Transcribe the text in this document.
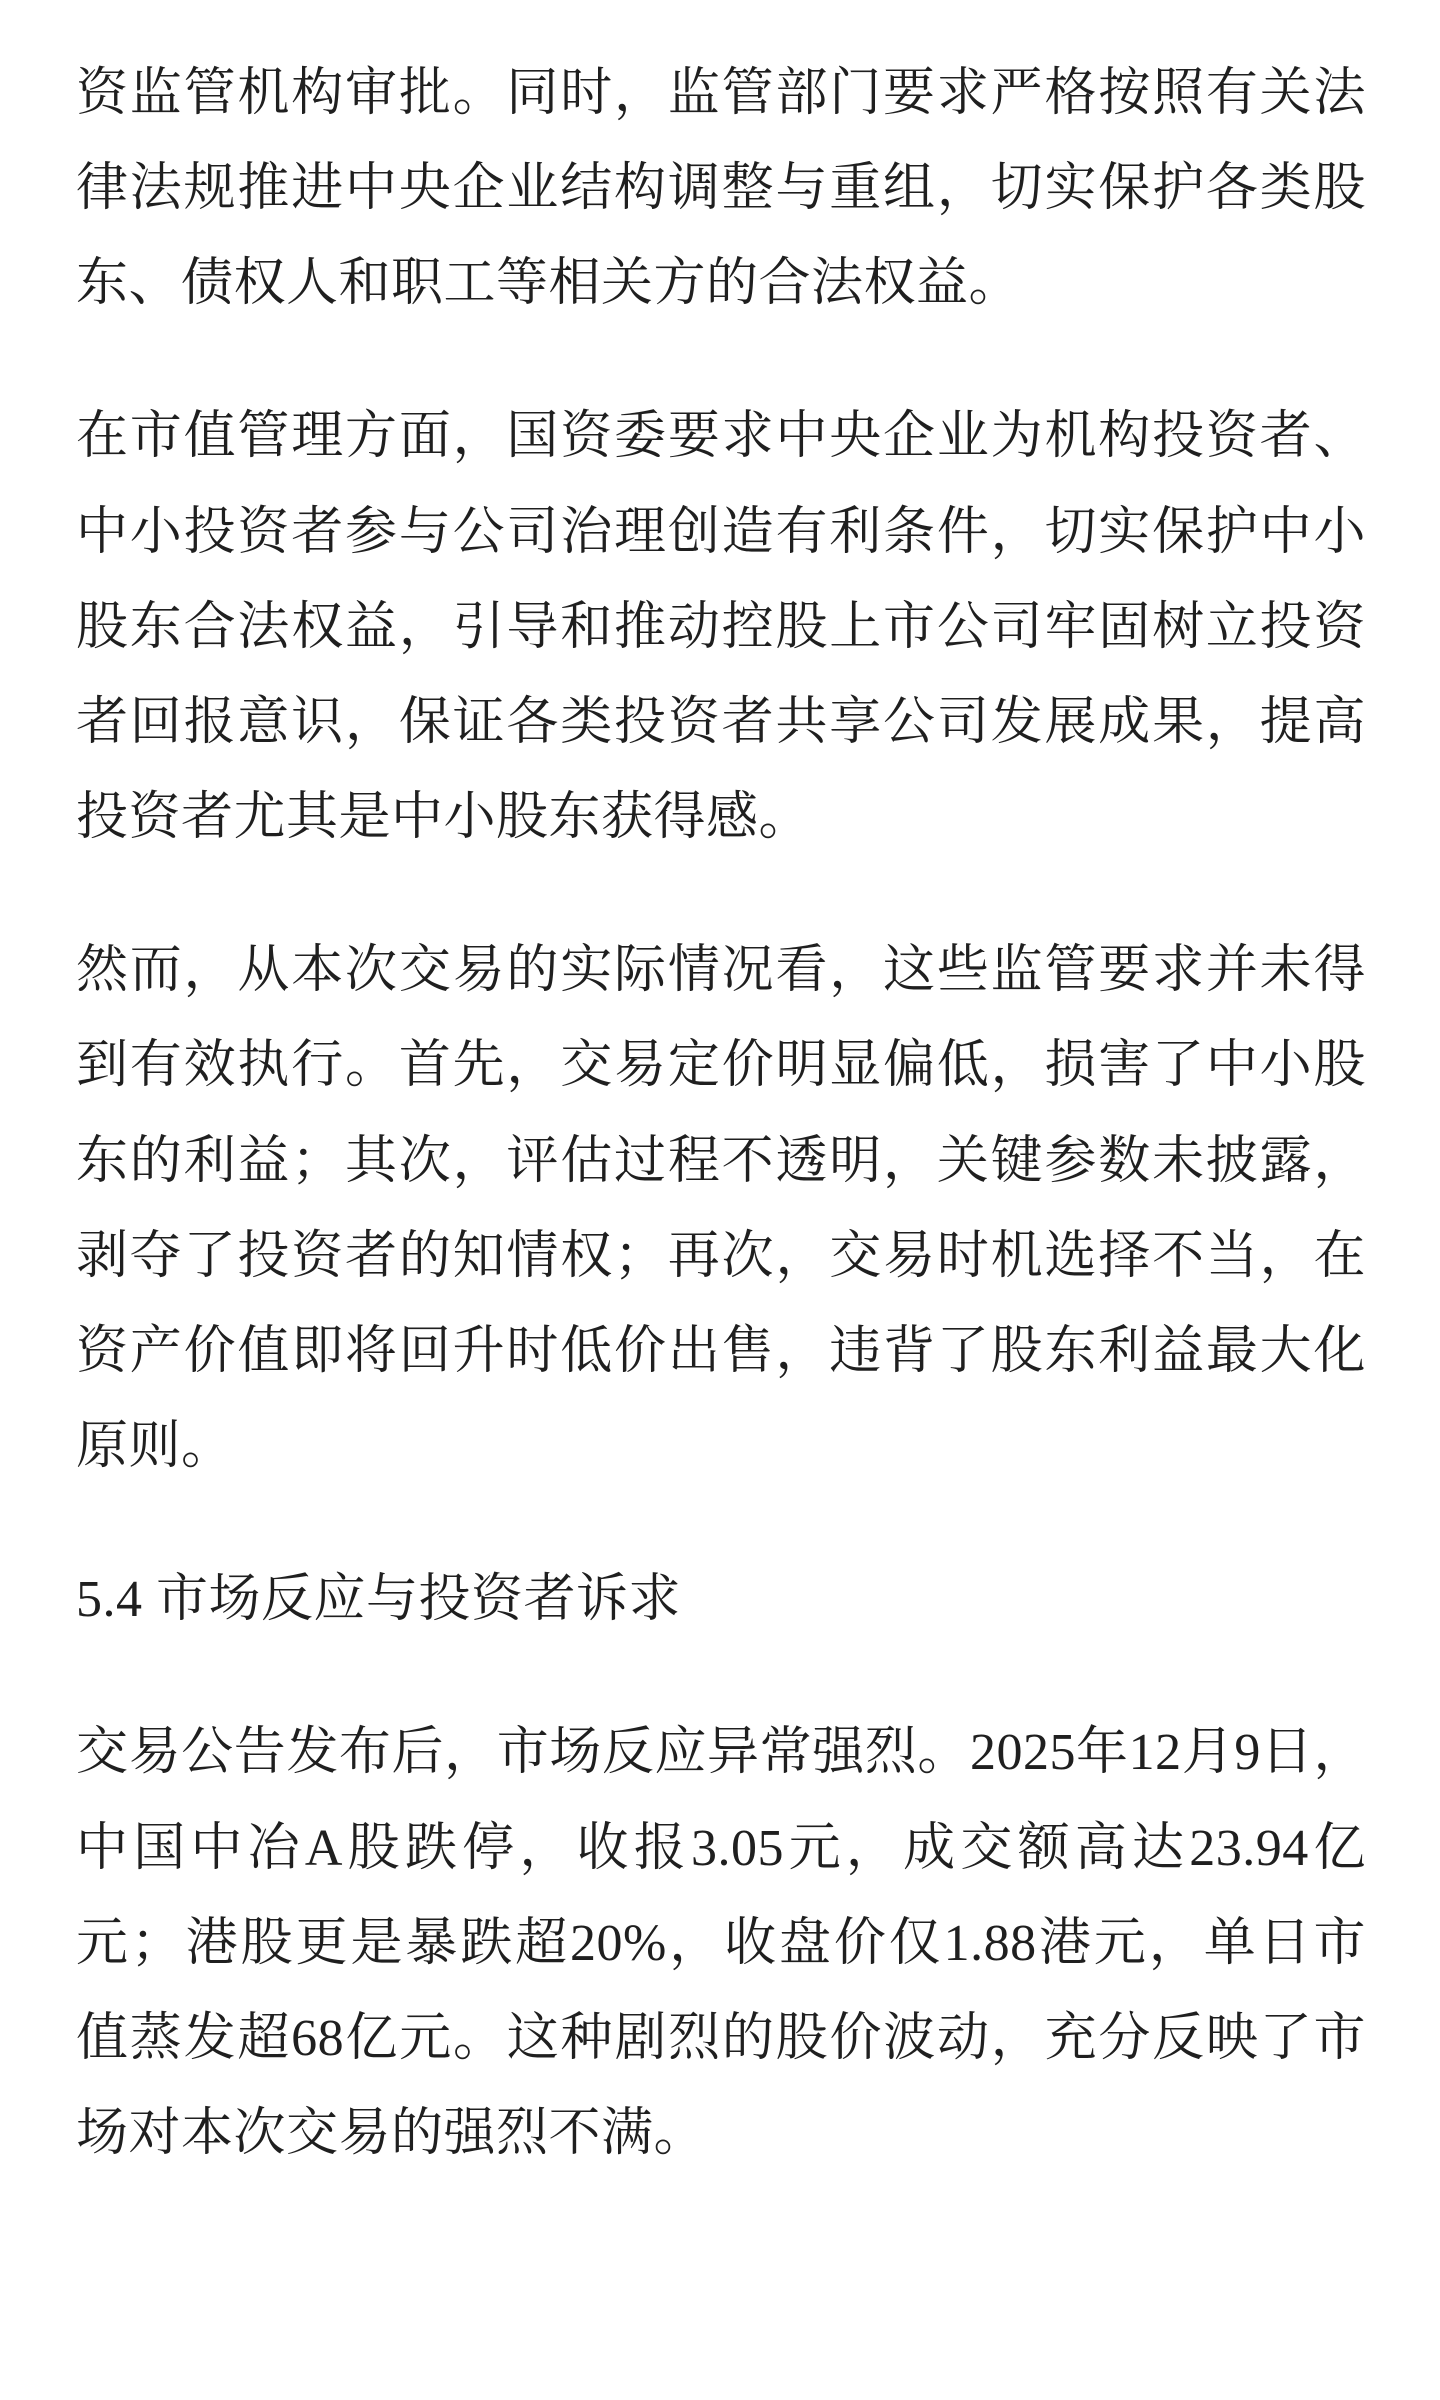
资监管机构审批。同时，监管部门要求严格按照有关法律法规推进中央企业结构调整与重组，切实保护各类股东、债权人和职工等相关方的合法权益。

在市值管理方面，国资委要求中央企业为机构投资者、中小投资者参与公司治理创造有利条件，切实保护中小股东合法权益，引导和推动控股上市公司牢固树立投资者回报意识，保证各类投资者共享公司发展成果，提高投资者尤其是中小股东获得感。

然而，从本次交易的实际情况看，这些监管要求并未得到有效执行。首先，交易定价明显偏低，损害了中小股东的利益；其次，评估过程不透明，关键参数未披露，剥夺了投资者的知情权；再次，交易时机选择不当，在资产价值即将回升时低价出售，违背了股东利益最大化原则。

5.4 市场反应与投资者诉求

交易公告发布后，市场反应异常强烈。2025年12月9日，中国中冶A股跌停，收报3.05元，成交额高达23.94亿元；港股更是暴跌超20%，收盘价仅1.88港元，单日市值蒸发超68亿元。这种剧烈的股价波动，充分反映了市场对本次交易的强烈不满。
